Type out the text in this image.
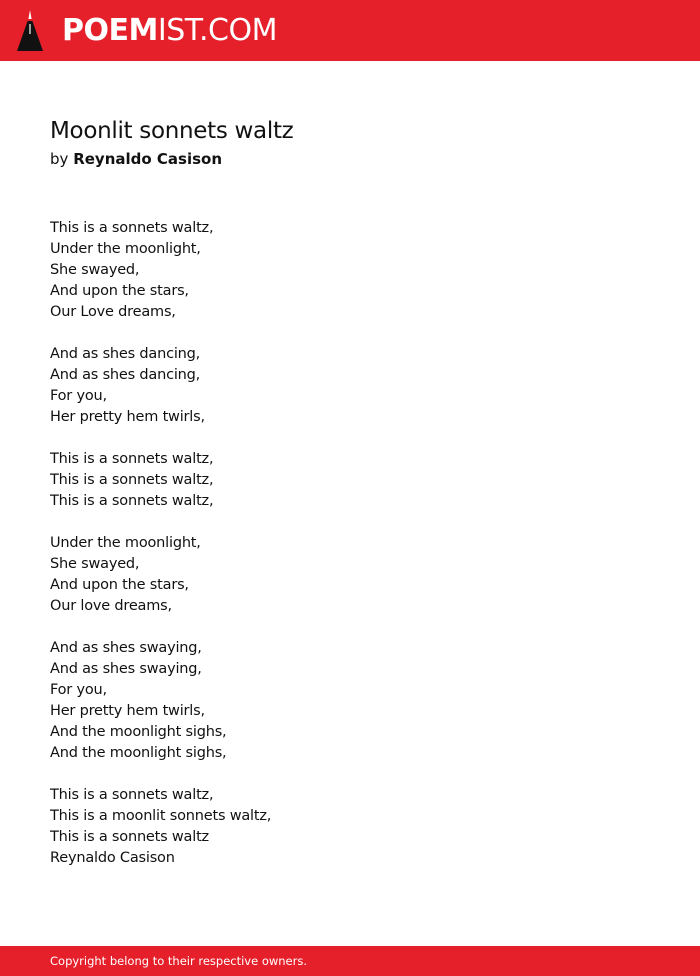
POEMIST.COM
Moonlit sonnets waltz
by Reynaldo Casison
This is a sonnets waltz,
Under the moonlight,
She swayed,
And upon the stars,
Our Love dreams,
And as shes dancing,
And as shes dancing,
For you,
Her pretty hem twirls,
This is a sonnets waltz,
This is a sonnets waltz,
This is a sonnets waltz,
Under the moonlight,
She swayed,
And upon the stars,
Our love dreams,
And as shes swaying,
And as shes swaying,
For you,
Her pretty hem twirls,
And the moonlight sighs,
And the moonlight sighs,
This is a sonnets waltz,
This is a moonlit sonnets waltz,
This is a sonnets waltz
Reynaldo Casison
Copyright belong to their respective owners.
